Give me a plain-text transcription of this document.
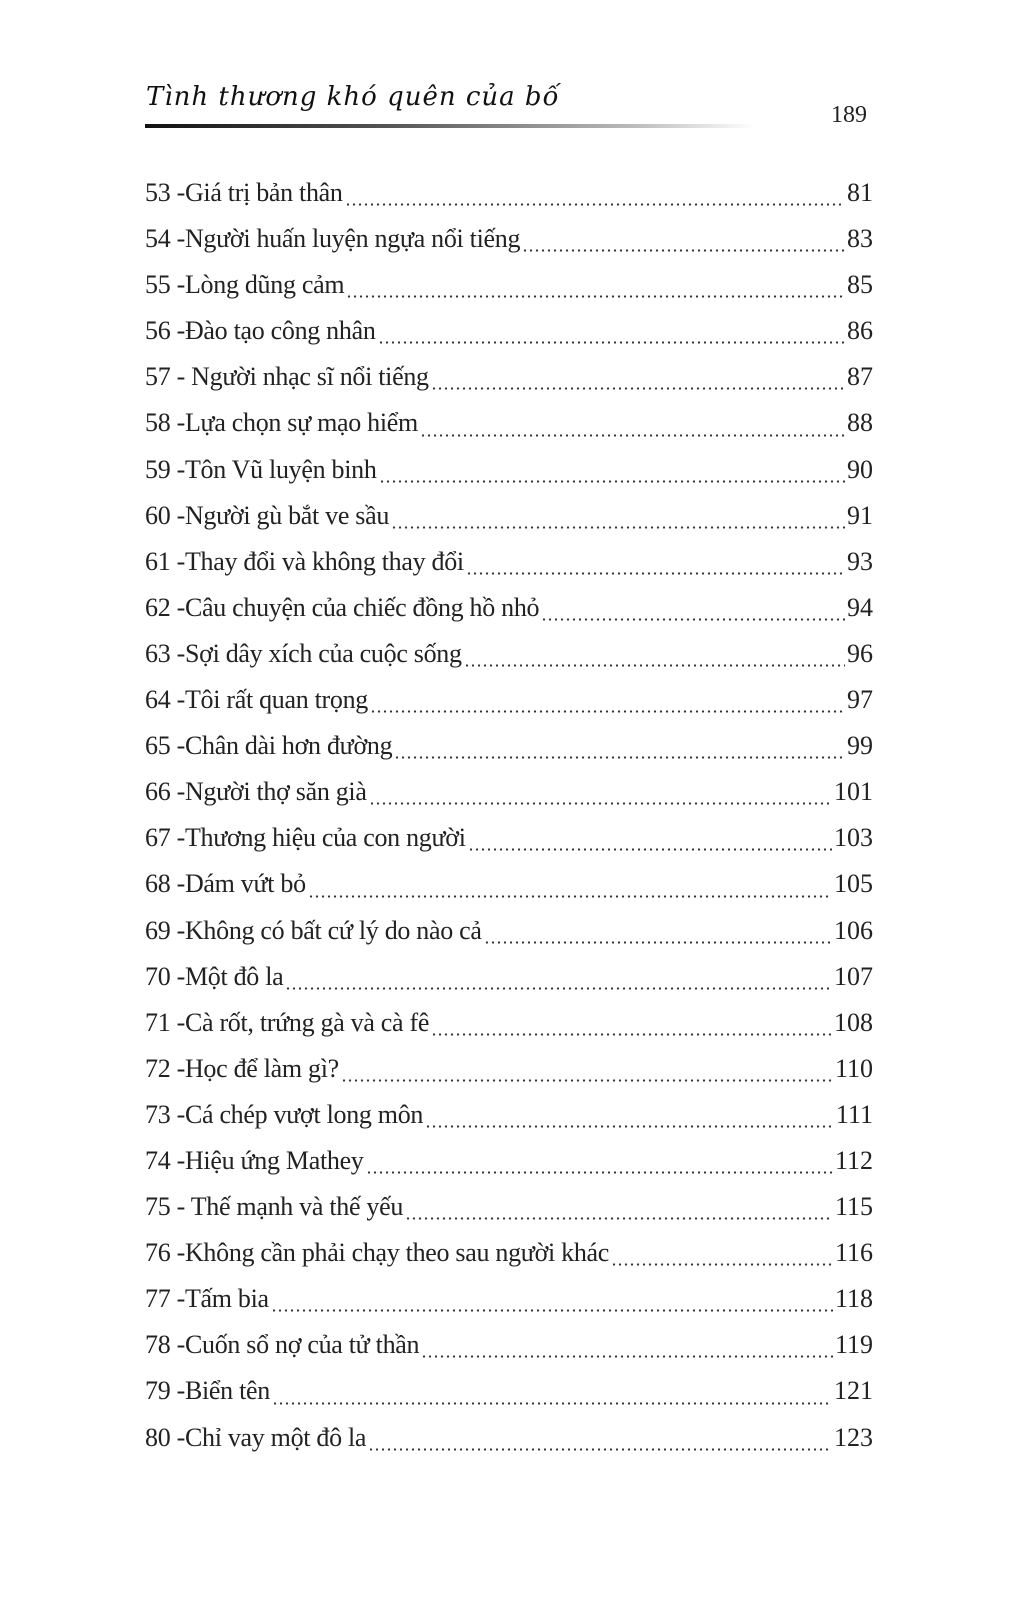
Tình thương khó quên của bố
189
53 -Giá trị bản thân	81
54 -Người huấn luyện ngựa nổi tiếng	83
55 -Lòng dũng cảm	85
56 -Đào tạo công nhân	86
57 - Người nhạc sĩ nổi tiếng	87
58 -Lựa chọn sự mạo hiểm	88
59 -Tôn Vũ luyện binh	90
60 -Người gù bắt ve sầu	91
61 -Thay đổi và không thay đổi	93
62 -Câu chuyện của chiếc đồng hồ nhỏ	94
63 -Sợi dây xích của cuộc sống	96
64 -Tôi rất quan trọng	97
65 -Chân dài hơn đường	99
66 -Người thợ săn già	101
67 -Thương hiệu của con người	103
68 -Dám vứt bỏ	105
69 -Không có bất cứ lý do nào cả	106
70 -Một đô la	107
71 -Cà rốt, trứng gà và cà fê	108
72 -Học để làm gì?	110
73 -Cá chép vượt long môn	111
74 -Hiệu ứng Mathey	112
75 - Thế mạnh và thế yếu	115
76 -Không cần phải chạy theo sau người khác	116
77 -Tấm bia	118
78 -Cuốn sổ nợ của tử thần	119
79 -Biển tên	121
80 -Chỉ vay một đô la	123
